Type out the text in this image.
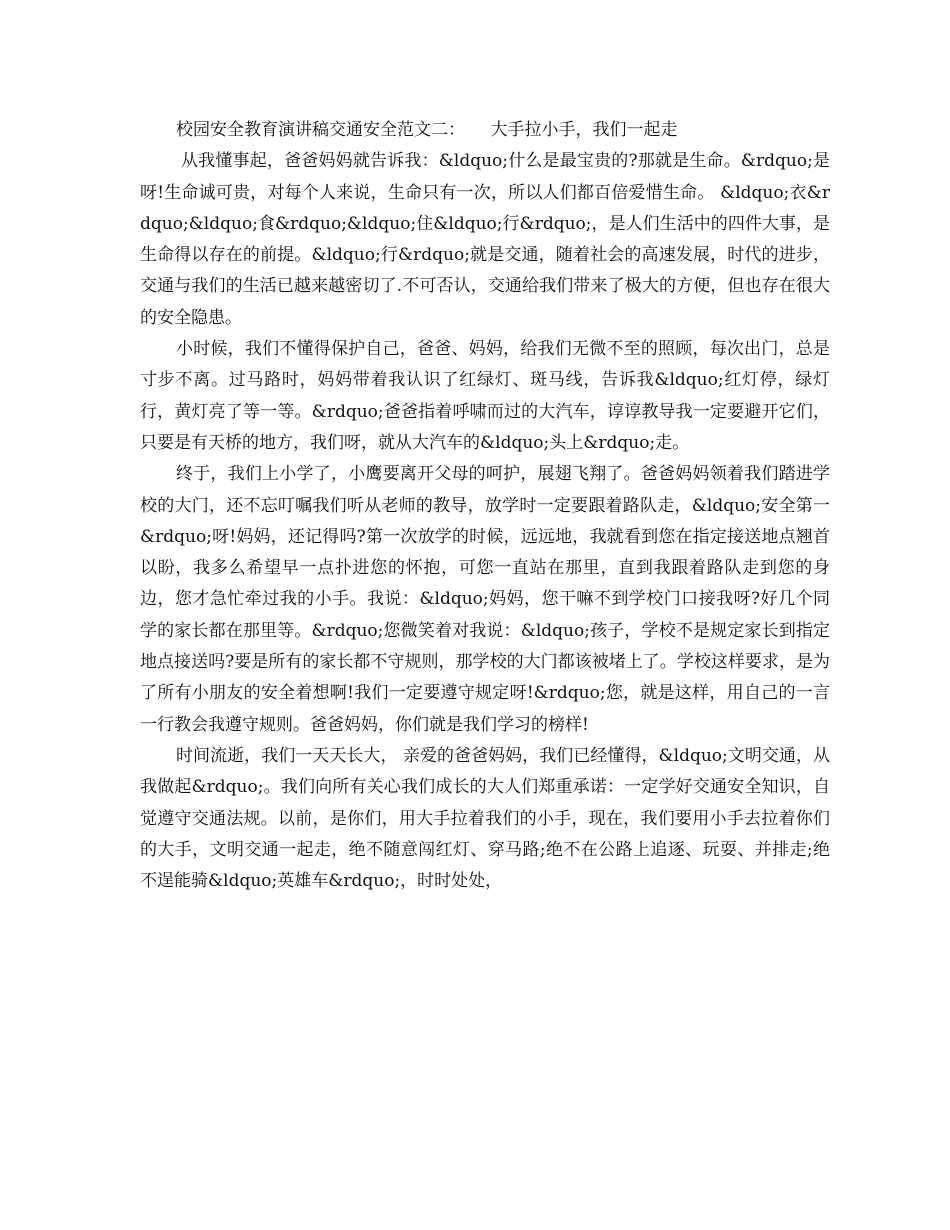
校园安全教育演讲稿交通安全范文二：　　大手拉小手，我们一起走

从我懂事起，爸爸妈妈就告诉我：&ldquo;什么是最宝贵的?那就是生命。&rdquo;是呀!生命诚可贵，对每个人来说，生命只有一次，所以人们都百倍爱惜生命。 &ldquo;衣&rdquo;&ldquo;食&rdquo;&ldquo;住&ldquo;行&rdquo;，是人们生活中的四件大事，是生命得以存在的前提。&ldquo;行&rdquo;就是交通，随着社会的高速发展，时代的进步，交通与我们的生活已越来越密切了.不可否认，交通给我们带来了极大的方便，但也存在很大的安全隐患。

小时候，我们不懂得保护自己，爸爸、妈妈，给我们无微不至的照顾，每次出门，总是寸步不离。过马路时，妈妈带着我认识了红绿灯、斑马线，告诉我&ldquo;红灯停，绿灯行，黄灯亮了等一等。&rdquo;爸爸指着呼啸而过的大汽车，谆谆教导我一定要避开它们，只要是有天桥的地方，我们呀，就从大汽车的&ldquo;头上&rdquo;走。

终于，我们上小学了，小鹰要离开父母的呵护，展翅飞翔了。爸爸妈妈领着我们踏进学校的大门，还不忘叮嘱我们听从老师的教导，放学时一定要跟着路队走，&ldquo;安全第一&rdquo;呀!妈妈，还记得吗?第一次放学的时候，远远地，我就看到您在指定接送地点翘首以盼，我多么希望早一点扑进您的怀抱，可您一直站在那里，直到我跟着路队走到您的身边，您才急忙牵过我的小手。我说：&ldquo;妈妈，您干嘛不到学校门口接我呀?好几个同学的家长都在那里等。&rdquo;您微笑着对我说：&ldquo;孩子，学校不是规定家长到指定地点接送吗?要是所有的家长都不守规则，那学校的大门都该被堵上了。学校这样要求，是为了所有小朋友的安全着想啊!我们一定要遵守规定呀!&rdquo;您，就是这样，用自己的一言一行教会我遵守规则。爸爸妈妈，你们就是我们学习的榜样!

时间流逝，我们一天天长大， 亲爱的爸爸妈妈，我们已经懂得，&ldquo;文明交通，从我做起&rdquo;。我们向所有关心我们成长的大人们郑重承诺：一定学好交通安全知识，自觉遵守交通法规。以前，是你们，用大手拉着我们的小手，现在，我们要用小手去拉着你们的大手，文明交通一起走，绝不随意闯红灯、穿马路;绝不在公路上追逐、玩耍、并排走;绝不逞能骑&ldquo;英雄车&rdquo;，时时处处，
